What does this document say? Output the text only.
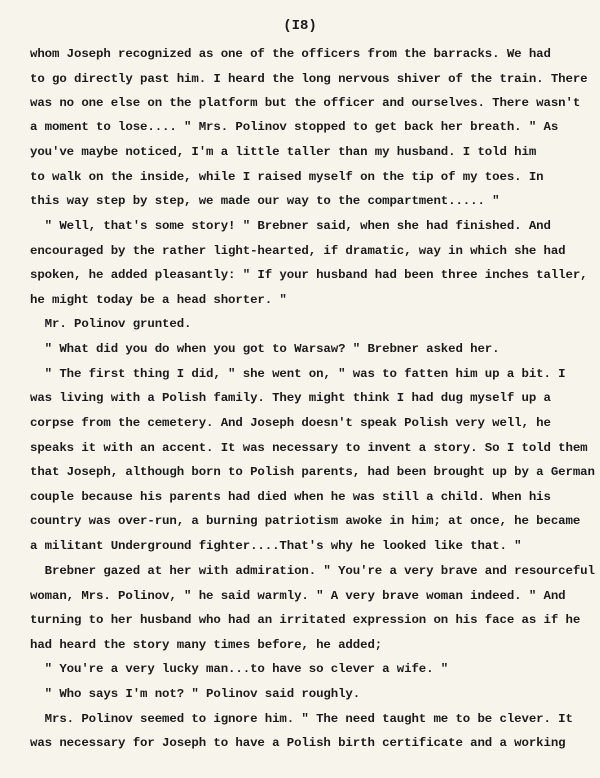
(I8)
whom Joseph recognized as one of the officers from the barracks. We had
to go directly past him. I heard the long nervous shiver of the train. There
was no one else on the platform but the officer and ourselves. There wasn't
a moment to lose.... " Mrs. Polinov stopped to get back her breath. " As
you've maybe noticed, I'm a little taller than my husband. I told him
to walk on the inside, while I raised myself on the tip of my toes. In
this way step by step, we made our way to the compartment..... "
" Well, that's some story! " Brebner said, when she had finished. And
encouraged by the rather light-hearted, if dramatic, way in which she had
spoken, he added pleasantly: " If your husband had been three inches taller,
he might today be a head shorter. "
Mr. Polinov grunted.
" What did you do when you got to Warsaw? " Brebner asked her.
" The first thing I did, " she went on, " was to fatten him up a bit. I
was living with a Polish family. They might think I had dug myself up a
corpse from the cemetery. And Joseph doesn't speak Polish very well, he
speaks it with an accent. It was necessary to invent a story. So I told them
that Joseph, although born to Polish parents, had been brought up by a German
couple because his parents had died when he was still a child. When his
country was over-run, a burning patriotism awoke in him; at once, he became
a militant Underground fighter....That's why he looked like that. "
Brebner gazed at her with admiration. " You're a very brave and resourceful
woman, Mrs. Polinov, " he said warmly. " A very brave woman indeed. " And
turning to her husband who had an irritated expression on his face as if he
had heard the story many times before, he added;
" You're a very lucky man...to have so clever a wife. "
" Who says I'm not? " Polinov said roughly.
Mrs. Polinov seemed to ignore him. " The need taught me to be clever. It
was necessary for Joseph to have a Polish birth certificate and a working
